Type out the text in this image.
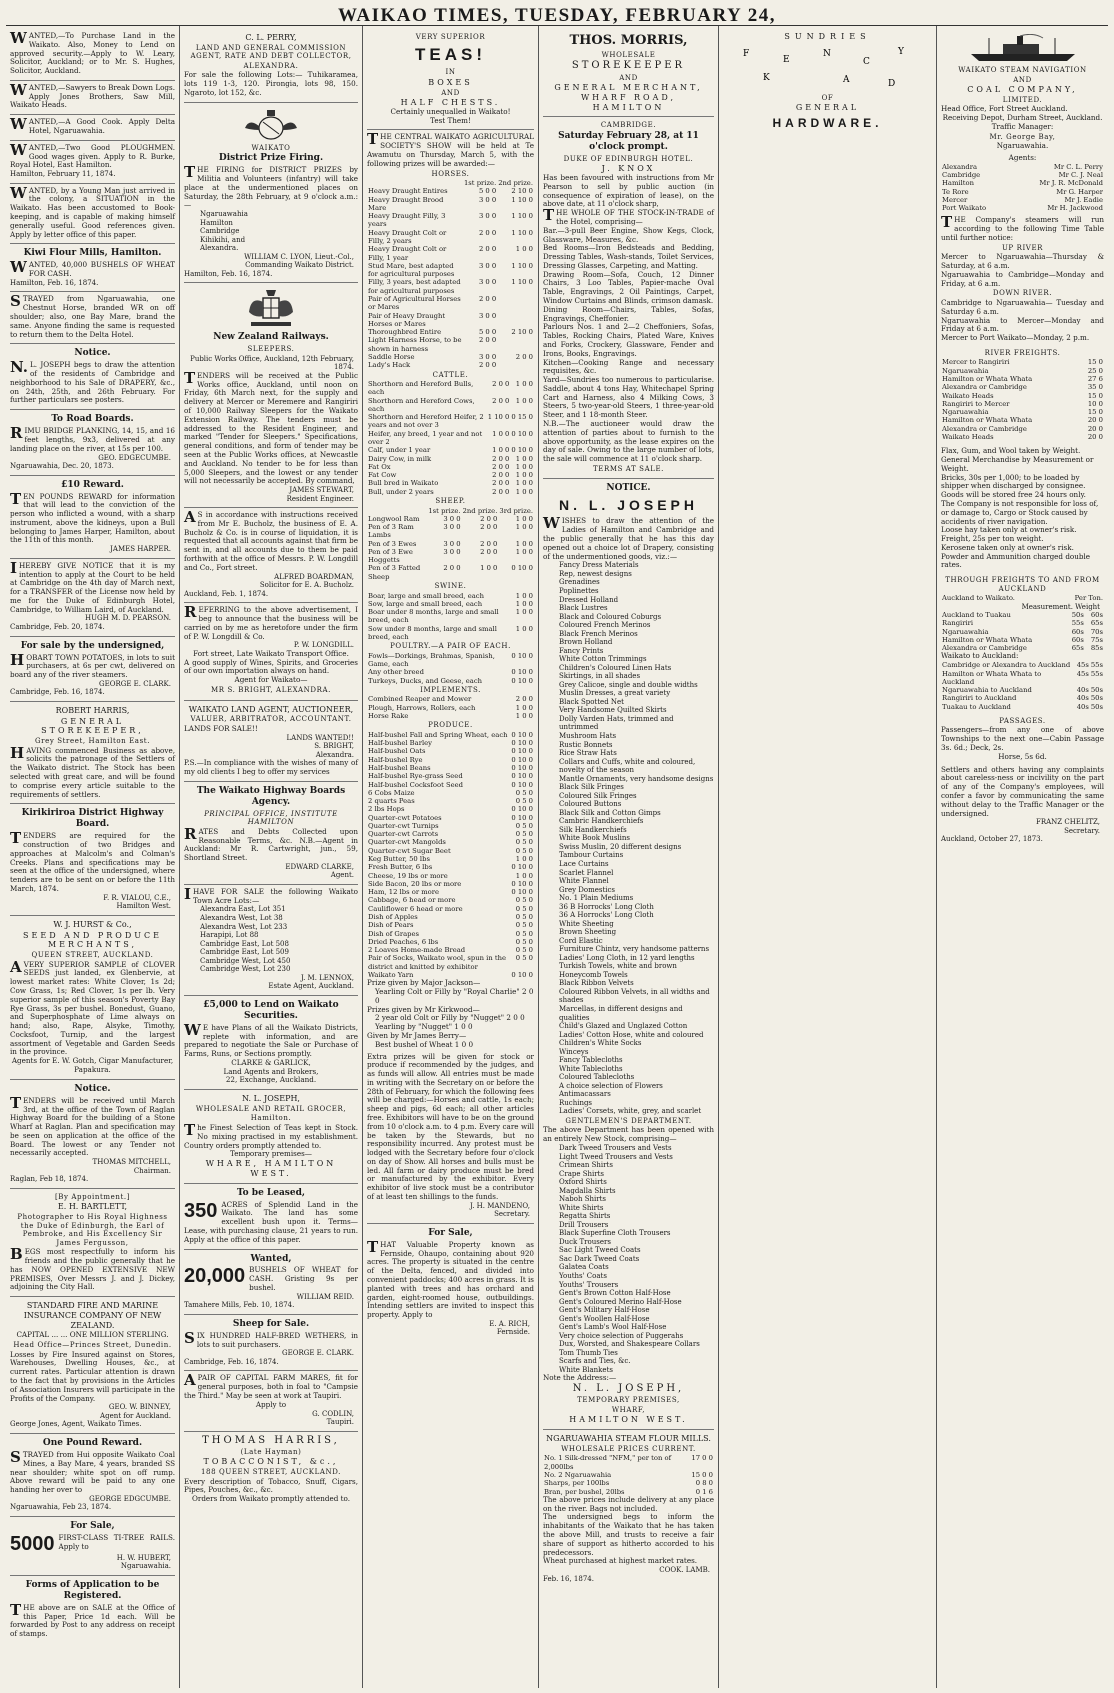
WAIKAO TIMES, TUESDAY, FEBRUARY 24,

WANTED,—To Purchase Land in the Waikato. Also, Money to Lend on approved security.—Apply to W. Leary, Solicitor, Auckland; or to Mr. S. Hughes, Solicitor, Auckland.

WANTED,—Sawyers to Break Down Logs. Apply Jones Brothers, Saw Mill, Waikato Heads.

WANTED,—A Good Cook. Apply Delta Hotel, Ngaruawahia.

WANTED,—Two Good PLOUGHMEN. Good wages given. Apply to R. Burke, Royal Hotel, East Hamilton.

Hamilton, February 11, 1874.

WANTED, by a Young Man just arrived in the colony, a SITUATION in the Waikato. Has been accustomed to Book-keeping, and is capable of making himself generally useful. Good references given. Apply by letter office of this paper.

Kiwi Flour Mills, Hamilton.

WANTED, 40,000 BUSHELS OF WHEAT FOR CASH.

Hamilton, Feb. 16, 1874.

STRAYED from Ngaruawahia, one Chestnut Horse, branded WR on off shoulder; also, one Bay Mare, brand the same. Anyone finding the same is requested to return them to the Delta Hotel.

Notice.

N.L. JOSEPH begs to draw the attention of the residents of Cambridge and neighborhood to his Sale of DRAPERY, &c., on 24th, 25th, and 26th February. For further particulars see posters.

To Road Boards.

RIMU BRIDGE PLANKING, 14, 15, and 16 feet lengths, 9x3, delivered at any landing place on the river, at 15s per 100.

GEO. EDGECUMBE.
Ngaruawahia, Dec. 20, 1873.
£10 Reward.

TEN POUNDS REWARD for information that will lead to the conviction of the person who inflicted a wound, with a sharp instrument, above the kidneys, upon a Bull belonging to James Harper, Hamilton, about the 11th of this month.

JAMES HARPER.

IHEREBY GIVE NOTICE that it is my intention to apply at the Court to be held at Cambridge on the 4th day of March next, for a TRANSFER of the License now held by me for the Duke of Edinburgh Hotel, Cambridge, to William Laird, of Auckland.

HUGH M. D. PEARSON.
Cambridge, Feb. 20, 1874.
For sale by the undersigned,

HOBART TOWN POTATOES, in lots to suit purchasers, at 6s per cwt, delivered on board any of the river steamers.

GEORGE E. CLARK.
Cambridge, Feb. 16, 1874.
ROBERT HARRIS,
GENERAL STOREKEEPER,
Grey Street, Hamilton East.

HAVING commenced Business as above, solicits the patronage of the Settlers of the Waikato district. The Stock has been selected with great care, and will be found to comprise every article suitable to the requirements of settlers.

Kirikiriroa District Highway Board.

TENDERS are required for the construction of two Bridges and approaches at Malcolm's and Colman's Creeks. Plans and specifications may be seen at the office of the undersigned, where tenders are to be sent on or before the 11th March, 1874.

F. R. VIALOU, C.E.,
Hamilton West.
W. J. HURST & Co.,
SEED AND PRODUCE MERCHANTS,
QUEEN STREET, AUCKLAND.

AVERY SUPERIOR SAMPLE of CLOVER SEEDS just landed, ex Glenbervie, at lowest market rates: White Clover, 1s 2d; Cow Grass, 1s; Red Clover, 1s per lb. Very superior sample of this season's Poverty Bay Rye Grass, 3s per bushel. Bonedust, Guano, and Superphosphate of Lime always on hand; also, Rape, Alsyke, Timothy, Cocksfoot, Turnip, and the largest assortment of Vegetable and Garden Seeds in the province.

Agents for E. W. Gotch, Cigar Manufacturer, Papakura.
Notice.

TENDERS will be received until March 3rd, at the office of the Town of Raglan Highway Board for the building of a Stone Wharf at Raglan. Plan and specification may be seen on application at the office of the Board. The lowest or any Tender not necessarily accepted.

THOMAS MITCHELL,
Chairman.
Raglan, Feb 18, 1874.
[By Appointment.]
E. H. BARTLETT,
Photographer to His Royal Highness the Duke of Edinburgh, the Earl of Pembroke, and His Excellency Sir James Fergusson,

BEGS most respectfully to inform his friends and the public generally that he has NOW OPENED EXTENSIVE NEW PREMISES, Over Messrs J. and J. Dickey, adjoining the City Hall.

STANDARD FIRE AND MARINE INSURANCE COMPANY OF NEW ZEALAND.
CAPITAL ... ... ONE MILLION STERLING.
Head Office—Princes Street, Dunedin.

Losses by Fire Insured against on Stores, Warehouses, Dwelling Houses, &c., at current rates. Particular attention is drawn to the fact that by provisions in the Articles of Association Insurers will participate in the Profits of the Company.

GEO. W. BINNEY,
Agent for Auckland.
George Jones, Agent, Waikato Times.
One Pound Reward.

STRAYED from Hui opposite Waikato Coal Mines, a Bay Mare, 4 years, branded SS near shoulder; white spot on off rump. Above reward will be paid to any one handing her over to

GEORGE EDGCUMBE.
Ngaruawahia, Feb 23, 1874.
For Sale,
5000 FIRST-CLASS TI-TREE RAILS. Apply to

H. W. HUBERT,
Ngaruawahia.
Forms of Application to be Registered.

THE above are on SALE at the Office of this Paper, Price 1d each. Will be forwarded by Post to any address on receipt of stamps.

C. L. PERRY,
LAND AND GENERAL COMMISSION AGENT, RATE AND DEBT COLLECTOR,
ALEXANDRA.

For sale the following Lots:— Tuhikaramea, lots 119 1-3, 120. Pirongia, lots 98, 150. Ngaroto, lot 152, &c.

WAIKATO
District Prize Firing.

THE FIRING for DISTRICT PRIZES by Militia and Volunteers (infantry) will take place at the undermentioned places on Saturday, the 28th February, at 9 o'clock a.m.:—

Ngaruawahia
Hamilton
Cambridge
Kihikihi, and
Alexandra.
WILLIAM C. LYON, Lieut.-Col.,
Commanding Waikato District.
Hamilton, Feb. 16, 1874.
New Zealand Railways.
SLEEPERS.
Public Works Office, Auckland, 12th February, 1874.

TENDERS will be received at the Public Works office, Auckland, until noon on Friday, 6th March next, for the supply and delivery at Mercer or Meremere and Rangiriri of 10,000 Railway Sleepers for the Waikato Extension Railway. The tenders must be addressed to the Resident Engineer, and marked "Tender for Sleepers." Specifications, general conditions, and form of tender may be seen at the Public Works offices, at Newcastle and Auckland. No tender to be for less than 5,000 Sleepers, and the lowest or any tender will not necessarily be accepted. By command,

JAMES STEWART,
Resident Engineer.

AS in accordance with instructions received from Mr E. Bucholz, the business of E. A. Bucholz & Co. is in course of liquidation, it is requested that all accounts against that firm be sent in, and all accounts due to them be paid forthwith at the office of Messrs. P. W. Longdill and Co., Fort street.

ALFRED BOARDMAN,
Solicitor for E. A. Bucholz.
Auckland, Feb. 1, 1874.

REFERRING to the above advertisement, I beg to announce that the business will be carried on by me as heretofore under the firm of P. W. Longdill & Co.

P. W. LONGDILL.
Fort street, Late Waikato Transport Office.

A good supply of Wines, Spirits, and Groceries of our own importation always on hand.

Agent for Waikato—
MR S. BRIGHT, ALEXANDRA.
WAIKATO LAND AGENT, AUCTIONEER,
VALUER, ARBITRATOR, ACCOUNTANT.
LANDS FOR SALE!!
LANDS WANTED!!
S. BRIGHT,
Alexandra.

P.S.—In compliance with the wishes of many of my old clients I beg to offer my services

The Waikato Highway Boards Agency.
PRINCIPAL OFFICE, INSTITUTE HAMILTON

RATES and Debts Collected upon Reasonable Terms, &c. N.B.—Agent in Auckland: Mr R. Cartwright, jun., 59, Shortland Street.

EDWARD CLARKE,
Agent.

IHAVE FOR SALE the following Waikato Town Acre Lots:—

Alexandra East, Lot 351
Alexandra West, Lot 38
Alexandra West, Lot 233
Harapipi, Lot 88
Cambridge East, Lot 508
Cambridge East, Lot 509
Cambridge West, Lot 450
Cambridge West, Lot 230
J. M. LENNOX,
Estate Agent, Auckland.
£5,000 to Lend on Waikato Securities.

WE have Plans of all the Waikato Districts, replete with information, and are prepared to negotiate the Sale or Purchase of Farms, Runs, or Sections promptly.

CLARKE & GARLICK,
Land Agents and Brokers,
22, Exchange, Auckland.
N. L. JOSEPH,
WHOLESALE AND RETAIL GROCER,
Hamilton.

The Finest Selection of Teas kept in Stock. No mixing practised in my establishment. Country orders promptly attended to.

Temporary premises—
WHARE, HAMILTON WEST.
To be Leased,
350 ACRES of Splendid Land in the Waikato. The land has some excellent bush upon it. Terms—Lease, with purchasing clause, 21 years to run. Apply at the office of this paper.

Wanted,
20,000 BUSHELS OF WHEAT for CASH. Gristing 9s per bushel.

WILLIAM REID.
Tamahere Mills, Feb. 10, 1874.
Sheep for Sale.

SIX HUNDRED HALF-BRED WETHERS, in lots to suit purchasers.

GEORGE E. CLARK.
Cambridge, Feb. 16, 1874.

APAIR OF CAPITAL FARM MARES, fit for general purposes, both in foal to "Campsie the Third." May be seen at work at Taupiri.

Apply to
G. CODLIN,
Taupiri.
THOMAS HARRIS,
(Late Hayman)
TOBACCONIST, &c.,
188 QUEEN STREET, AUCKLAND.

Every description of Tobacco, Snuff, Cigars, Pipes, Pouches, &c., &c.

Orders from Waikato promptly attended to.
VERY SUPERIOR
TEAS!
IN
BOXES
AND
HALF CHESTS.
Certainly unequalled in Waikato!
Test Them!

THE CENTRAL WAIKATO AGRICULTURAL SOCIETY'S SHOW will be held at Te Awamutu on Thursday, March 5, with the following prizes will be awarded:—

HORSES.
	1st prize.	2nd prize.
Heavy Draught Entires	5 0 0	2 10 0
Heavy Draught Brood Mare	3 0 0	1 10 0
Heavy Draught Filly, 3 years	3 0 0	1 10 0
Heavy Draught Colt or Filly, 2 years	2 0 0	1 10 0
Heavy Draught Colt or Filly, 1 year	2 0 0	1 0 0
Stud Mare, best adapted for agricultural purposes	3 0 0	1 10 0
Filly, 3 years, best adapted for agricultural purposes	3 0 0	1 10 0
Pair of Agricultural Horses or Mares	2 0 0	
Pair of Heavy Draught Horses or Mares	3 0 0	
Thoroughbred Entire	5 0 0	2 10 0
Light Harness Horse, to be shown in harness	2 0 0	
Saddle Horse	3 0 0	2 0 0
Lady's Hack	2 0 0	
CATTLE.
Shorthorn and Hereford Bulls, each	2 0 0	1 0 0
Shorthorn and Hereford Cows, each	2 0 0	1 0 0
Shorthorn and Hereford Heifer, 2 years and not over 3	1 10 0	0 15 0
Heifer, any breed, 1 year and not over 2	1 0 0	0 10 0
Calf, under 1 year	1 0 0	0 10 0
Dairy Cow, in milk	2 0 0	1 0 0
Fat Ox	2 0 0	1 0 0
Fat Cow	2 0 0	1 0 0
Bull bred in Waikato	2 0 0	1 0 0
Bull, under 2 years	2 0 0	1 0 0
SHEEP.
	1st prize.	2nd prize.	3rd prize.
Longwool Ram	3 0 0	2 0 0	1 0 0
Pen of 3 Ram Lambs	3 0 0	2 0 0	1 0 0
Pen of 3 Ewes	3 0 0	2 0 0	1 0 0
Pen of 3 Ewe Hoggetts	3 0 0	2 0 0	1 0 0
Pen of 3 Fatted Sheep	2 0 0	1 0 0	0 10 0
SWINE.
Boar, large and small breed, each	1 0 0
Sow, large and small breed, each	1 0 0
Boar under 8 months, large and small breed, each	1 0 0
Sow under 8 months, large and small breed, each	1 0 0
POULTRY.—A PAIR OF EACH.
Fowls—Dorkings, Brahmas, Spanish, Game, each	0 10 0
Any other breed	0 10 0
Turkeys, Ducks, and Geese, each	0 10 0
IMPLEMENTS.
Combined Reaper and Mower	2 0 0
Plough, Harrows, Rollers, each	1 0 0
Horse Rake	1 0 0
PRODUCE.
Half-bushel Fall and Spring Wheat, each	0 10 0
Half-bushel Barley	0 10 0
Half-bushel Oats	0 10 0
Half-bushel Rye	0 10 0
Half-bushel Beans	0 10 0
Half-bushel Rye-grass Seed	0 10 0
Half-bushel Cocksfoot Seed	0 10 0
6 Cobs Maize	0 5 0
2 quarts Peas	0 5 0
2 lbs Hops	0 10 0
Quarter-cwt Potatoes	0 10 0
Quarter-cwt Turnips	0 5 0
Quarter-cwt Carrots	0 5 0
Quarter-cwt Mangolds	0 5 0
Quarter-cwt Sugar Beet	0 5 0
Keg Butter, 50 lbs	1 0 0
Fresh Butter, 6 lbs	0 10 0
Cheese, 19 lbs or more	1 0 0
Side Bacon, 20 lbs or more	0 10 0
Ham, 12 lbs or more	0 10 0
Cabbage, 6 head or more	0 5 0
Cauliflower 6 head or more	0 5 0
Dish of Apples	0 5 0
Dish of Pears	0 5 0
Dish of Grapes	0 5 0
Dried Peaches, 6 lbs	0 5 0
2 Loaves Home-made Bread	0 5 0
Pair of Socks, Waikato wool, spun in the district and knitted by exhibitor	0 5 0
Waikato Yarn	0 10 0
Prize given by Major Jackson—
Yearling Colt or Filly by "Royal Charlie" 2 0 0
Prizes given by Mr Kirkwood—
2 year old Colt or Filly by "Nugget" 2 0 0
Yearling by "Nugget" 1 0 0
Given by Mr James Berry—
Best bushel of Wheat 1 0 0

Extra prizes will be given for stock or produce if recommended by the judges, and as funds will allow. All entries must be made in writing with the Secretary on or before the 28th of February, for which the following fees will be charged:—Horses and cattle, 1s each; sheep and pigs, 6d each; all other articles free. Exhibitors will have to be on the ground from 10 o'clock a.m. to 4 p.m. Every care will be taken by the Stewards, but no responsibility incurred. Any protest must be lodged with the Secretary before four o'clock on day of Show. All horses and bulls must be led. All farm or dairy produce must be bred or manufactured by the exhibitor. Every exhibitor of live stock must be a contributor of at least ten shillings to the funds.

J. H. MANDENO,
Secretary.
For Sale,

THAT Valuable Property known as Fernside, Ohaupo, containing about 920 acres. The property is situated in the centre of the Delta, fenced, and divided into convenient paddocks; 400 acres in grass. It is planted with trees and has orchard and garden, eight-roomed house, outbuildings. Intending settlers are invited to inspect this property. Apply to

E. A. RICH,
Fernside.
THOS. MORRIS,
WHOLESALE
STOREKEEPER
AND
GENERAL MERCHANT,
WHARF ROAD, HAMILTON
CAMBRIDGE.
Saturday February 28, at 11 o'clock prompt.
DUKE OF EDINBURGH HOTEL.
J. KNOX

Has been favoured with instructions from Mr Pearson to sell by public auction (in consequence of expiration of lease), on the above date, at 11 o'clock sharp,

THE WHOLE OF THE STOCK-IN-TRADE of the Hotel, comprising—

Bar.—3-pull Beer Engine, Show Kegs, Clock, Glassware, Measures, &c.

Bed Rooms—Iron Bedsteads and Bedding, Dressing Tables, Wash-stands, Toilet Services, Dressing Glasses, Carpeting, and Matting.

Drawing Room—Sofa, Couch, 12 Dinner Chairs, 3 Loo Tables, Papier-mache Oval Table, Engravings, 2 Oil Paintings, Carpet, Window Curtains and Blinds, crimson damask.

Dining Room—Chairs, Tables, Sofas, Engravings, Cheffonier.

Parlours Nos. 1 and 2—2 Cheffoniers, Sofas, Tables, Rocking Chairs, Plated Ware, Knives and Forks, Crockery, Glassware, Fender and Irons, Books, Engravings.

Kitchen—Cooking Range and necessary requisites, &c.

Yard—Sundries too numerous to particularise. Saddle, about 4 tons Hay, Whitechapel Spring Cart and Harness, also 4 Milking Cows, 3 Steers, 5 two-year-old Steers, 1 three-year-old Steer, and 1 18-month Steer.

N.B.—The auctioneer would draw the attention of parties about to furnish to the above opportunity, as the lease expires on the day of sale. Owing to the large number of lots, the sale will commence at 11 o'clock sharp.

TERMS AT SALE.
NOTICE.
N. L. JOSEPH

WISHES to draw the attention of the Ladies of Hamilton and Cambridge and the public generally that he has this day opened out a choice lot of Drapery, consisting of the undermentioned goods, viz.:—

Fancy Dress Materials
Rep, newest designs
Grenadines
Poplinettes
Dressed Holland
Black Lustres
Black and Coloured Coburgs
Coloured French Merinos
Black French Merinos
Brown Holland
Fancy Prints
White Cotton Trimmings
Children's Coloured Linen Hats
Skirtings, in all shades
Grey Calicoe, single and double widths
Muslin Dresses, a great variety
Black Spotted Net
Very Handsome Quilted Skirts
Dolly Varden Hats, trimmed and untrimmed
Mushroom Hats
Rustic Bonnets
Rice Straw Hats
Collars and Cuffs, white and coloured, novelty of the season
Mantle Ornaments, very handsome designs
Black Silk Fringes
Coloured Silk Fringes
Coloured Buttons
Black Silk and Cotton Gimps
Cambric Handkerchiefs
Silk Handkerchiefs
White Book Muslins
Swiss Muslin, 20 different designs
Tambour Curtains
Lace Curtains
Scarlet Flannel
White Flannel
Grey Domestics
No. 1 Plain Mediums
36 B Horrocks' Long Cloth
36 A Horrocks' Long Cloth
White Sheeting
Brown Sheeting
Cord Elastic
Furniture Chintz, very handsome patterns
Ladies' Long Cloth, in 12 yard lengths
Turkish Towels, white and brown
Honeycomb Towels
Black Ribbon Velvets
Coloured Ribbon Velvets, in all widths and shades
Marcellas, in different designs and qualities
Child's Glazed and Unglazed Cotton
Ladies' Cotton Hose, white and coloured
Children's White Socks
Winceys
Fancy Tablecloths
White Tablecloths
Coloured Tablecloths
A choice selection of Flowers
Antimacassars
Ruchings
Ladies' Corsets, white, grey, and scarlet
GENTLEMEN'S DEPARTMENT.

The above Department has been opened with an entirely New Stock, comprising—

Dark Tweed Trousers and Vests
Light Tweed Trousers and Vests
Crimean Shirts
Crape Shirts
Oxford Shirts
Magdalla Shirts
Naboh Shirts
White Shirts
Regatta Shirts
Drill Trousers
Black Superfine Cloth Trousers
Duck Trousers
Sac Light Tweed Coats
Sac Dark Tweed Coats
Galatea Coats
Youths' Coats
Youths' Trousers
Gent's Brown Cotton Half-Hose
Gent's Coloured Merino Half-Hose
Gent's Military Half-Hose
Gent's Woollen Half-Hose
Gent's Lamb's Wool Half-Hose
Very choice selection of Puggerahs
Dux, Worsted, and Shakespeare Collars
Tom Thumb Ties
Scarfs and Ties, &c.
White Blankets
Note the Address:—
N. L. JOSEPH,
TEMPORARY PREMISES,
WHARF,
HAMILTON WEST.
NGARUAWAHIA STEAM FLOUR MILLS.
WHOLESALE PRICES CURRENT.
No. 1 Silk-dressed "NFM," per ton of 2,000lbs	17 0 0
No. 2 Ngaruawahia	15 0 0
Sharps, per 100lbs	0 8 0
Bran, per bushel, 20lbs	0 1 6

The above prices include delivery at any place on the river. Bags not included.

The undersigned begs to inform the inhabitants of the Waikato that he has taken the above Mill, and trusts to receive a fair share of support as hitherto accorded to his predecessors.

Wheat purchased at highest market rates.
COOK. LAMB.
Feb. 16, 1874.
SUNDRIES
F
E
N
C
Y
K	A	D
OF
GENERAL
HARDWARE.
WAIKATO STEAM NAVIGATION
AND
COAL COMPANY,
LIMITED.
Head Office, Fort Street Auckland.
Receiving Depot, Durham Street, Auckland.
Traffic Manager:
Mr. George Bay,
Ngaruawahia.
Agents:
Alexandra	Mr C. L. Perry
Cambridge	Mr C. J. Neal
Hamilton	Mr J. R. McDonald
Te Rore	Mr G. Harper
Mercer	Mr J. Eadie
Port Waikato	Mr H. Jackwood

THE Company's steamers will run according to the following Time Table until further notice:

UP RIVER

Mercer to Ngaruawahia—Thursday & Saturday, at 6 a.m.

Ngaruawahia to Cambridge—Monday and Friday, at 6 a.m.

DOWN RIVER.

Cambridge to Ngaruawahia— Tuesday and Saturday 6 a.m.

Ngaruawahia to Mercer—Monday and Friday at 6 a.m.

Mercer to Port Waikato—Monday, 2 p.m.

RIVER FREIGHTS.
Mercer to Rangiriri	15 0
Ngaruawahia	25 0
Hamilton or Whata Whata	27 6
Alexandra or Cambridge	35 0
Waikato Heads	15 0
Rangiriri to Mercer	10 0
Ngaruawahia	15 0
Hamilton or Whata Whata	20 0
Alexandra or Cambridge	20 0
Waikato Heads	20 0
Flax, Gum, and Wool taken by Weight. General Merchandise by Measurement or Weight.
Bricks, 30s per 1,000; to be loaded by shipper when discharged by consignee.
Goods will be stored free 24 hours only.
The Company is not responsible for loss of, or damage to, Cargo or Stock caused by accidents of river navigation.
Loose hay taken only at owner's risk. Freight, 25s per ton weight.
Kerosene taken only at owner's risk.
Powder and Ammunition charged double rates.
THROUGH FREIGHTS TO AND FROM AUCKLAND
Auckland to Waikato.	Per Ton.
Measurement. Weight
Auckland to Tuakau	50s	60s
Rangiriri	55s	65s
Ngaruawahia	60s	70s
Hamilton or Whata Whata	60s	75s
Alexandra or Cambridge	65s	85s
Waikato to Auckland:
Cambridge or Alexandra to Auckland	45s	55s
Hamilton or Whata Whata to Auckland	45s	55s
Ngaruawahia to Auckland	40s	50s
Rangiriri to Auckland	40s	50s
Tuakau to Auckland	40s	50s
PASSAGES.

Passengers—from any one of above Townships to the next one—Cabin Passage 3s. 6d.; Deck, 2s.

Horse, 5s 6d.

Settlers and others having any complaints about careless-ness or incivility on the part of any of the Company's employees, will confer a favor by communicating the same without delay to the Traffic Manager or the undersigned.

FRANZ CHELITZ,
Secretary.
Auckland, October 27, 1873.
